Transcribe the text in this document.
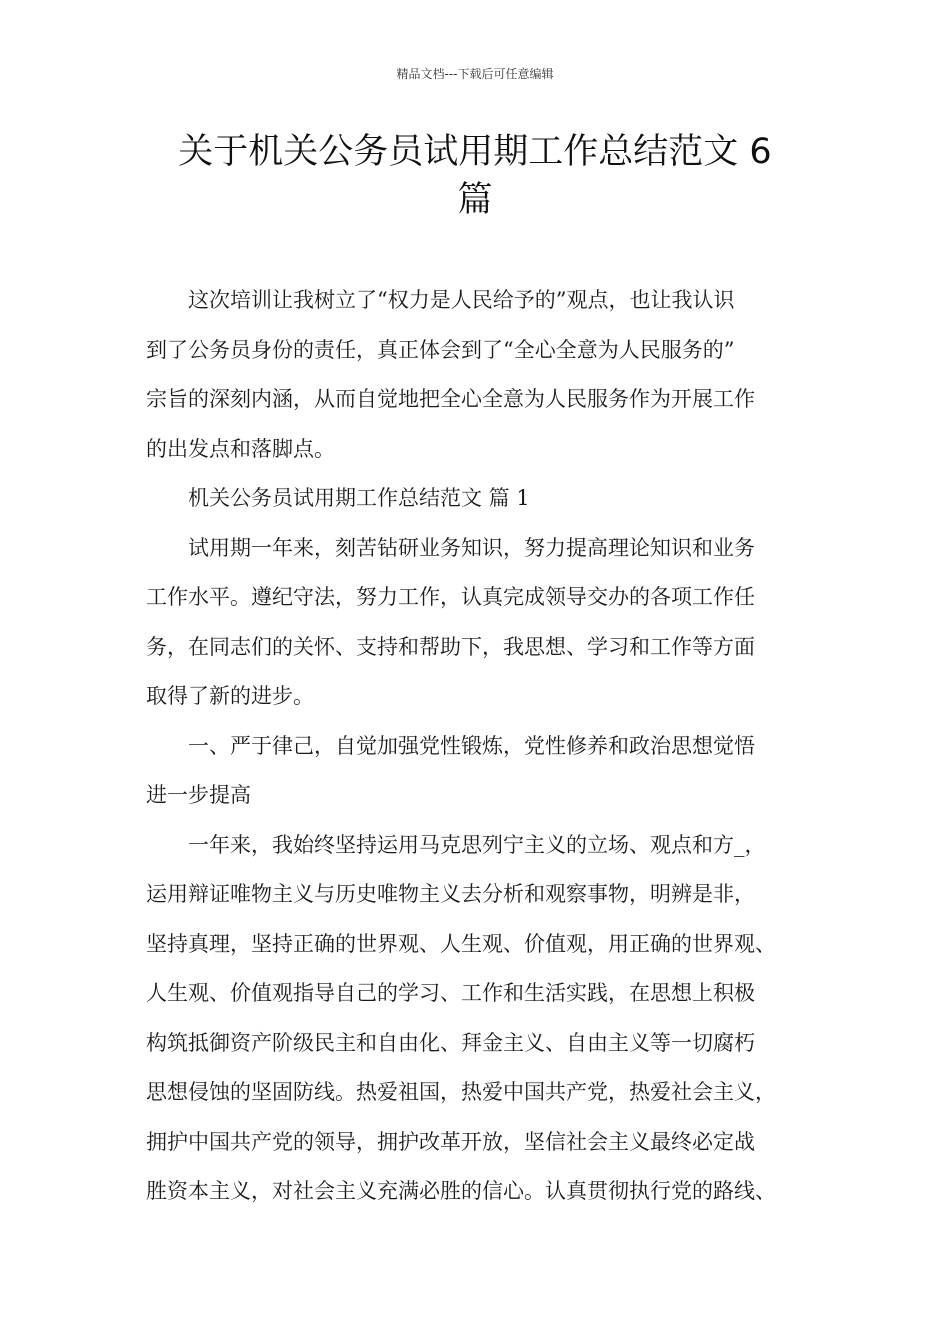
精品文档---下载后可任意编辑
关于机关公务员试用期工作总结范文 6
篇

这次培训让我树立了“权力是人民给予的”观点，也让我认识

到了公务员身份的责任，真正体会到了“全心全意为人民服务的”

宗旨的深刻内涵，从而自觉地把全心全意为人民服务作为开展工作

的出发点和落脚点。

机关公务员试用期工作总结范文 篇 1

试用期一年来，刻苦钻研业务知识，努力提高理论知识和业务

工作水平。遵纪守法，努力工作，认真完成领导交办的各项工作任

务，在同志们的关怀、支持和帮助下，我思想、学习和工作等方面

取得了新的进步。

一、严于律己，自觉加强党性锻炼，党性修养和政治思想觉悟

进一步提高

一年来，我始终坚持运用马克思列宁主义的立场、观点和方_，

运用辩证唯物主义与历史唯物主义去分析和观察事物，明辨是非，

坚持真理，坚持正确的世界观、人生观、价值观，用正确的世界观、

人生观、价值观指导自己的学习、工作和生活实践，在思想上积极

构筑抵御资产阶级民主和自由化、拜金主义、自由主义等一切腐朽

思想侵蚀的坚固防线。热爱祖国，热爱中国共产党，热爱社会主义，

拥护中国共产党的领导，拥护改革开放，坚信社会主义最终必定战

胜资本主义，对社会主义充满必胜的信心。认真贯彻执行党的路线、
